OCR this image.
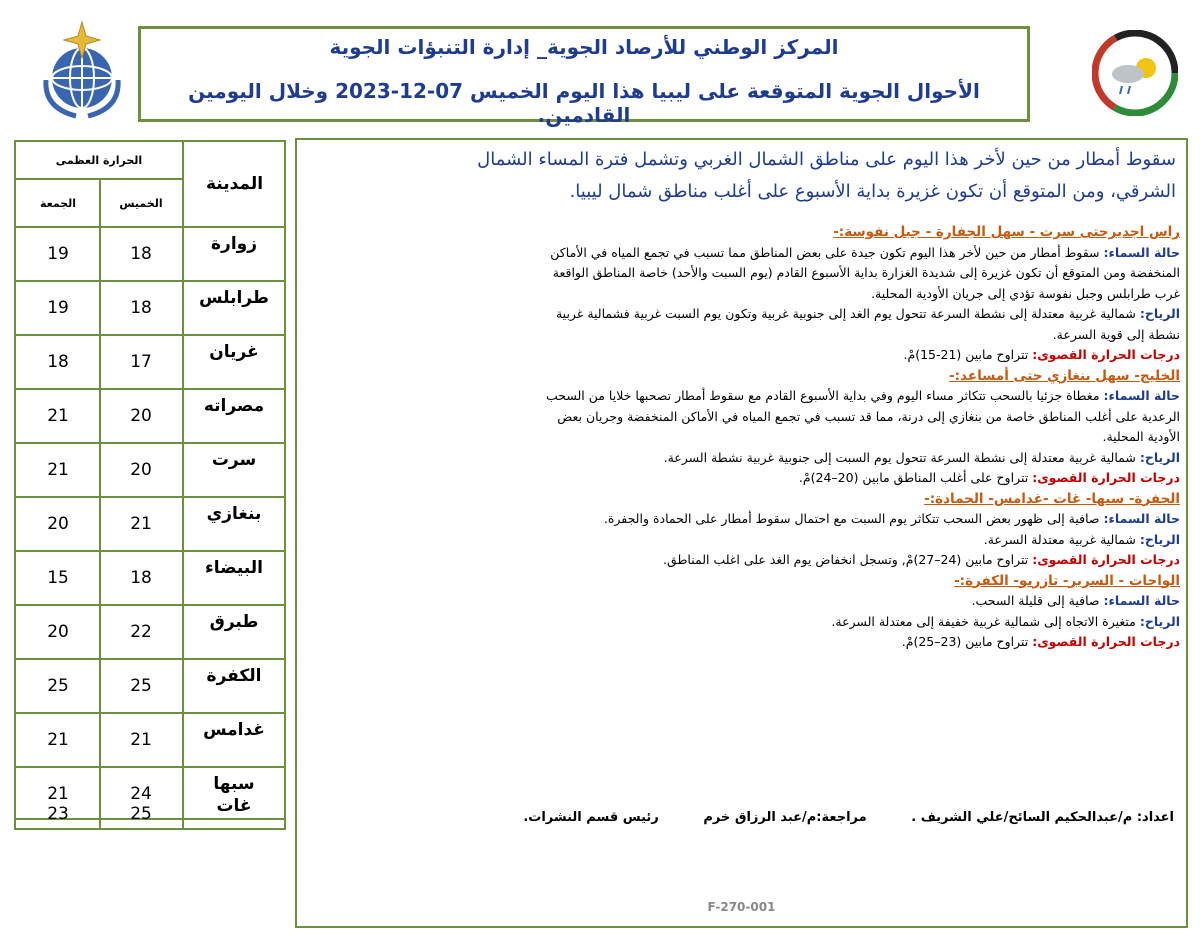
المركز الوطني للأرصاد الجوية_ إدارة التنبؤات الجوية
الأحوال الجوية المتوقعة على ليبيا هذا اليوم الخميس 07-12-2023 وخلال اليومين القادمين.
المدينة
الحرارة العظمى
الخميس
الجمعة
زوارة
18
19
طرابلس
18
19
غريان
17
18
مصراته
20
21
سرت
20
21
بنغازي
21
20
البيضاء
18
15
طبرق
22
20
الكفرة
25
25
غدامس
21
21
سبها
24
21
غات
25
23
سقوط أمطار من حين لأخر هذا اليوم على مناطق الشمال الغربي وتشمل فترة المساء الشمال
الشرقي، ومن المتوقع أن تكون غزيرة بداية الأسبوع على أغلب مناطق شمال ليبيا.
راس اجديرحتى سرت - سهل الجفارة - جبل نفوسة:-
حالة السماء: سقوط أمطار من حين لأخر هذا اليوم تكون جيدة على بعض المناطق مما تسبب في تجمع المياه في الأماكن
المنخفضة ومن المتوقع أن تكون غزيرة إلى شديدة الغزارة بداية الأسبوع القادم (يوم السبت والأحد) خاصة المناطق الواقعة
غرب طرابلس وجبل نفوسة تؤدي إلى جريان الأودية المحلية.
الرياح: شمالية غربية معتدلة إلى نشطة السرعة تتحول يوم الغد إلى جنوبية غربية وتكون يوم السبت غربية فشمالية غربية
نشطة إلى قوية السرعة.
درجات الحرارة القصوى: تتراوح مابين (21-15)مْ.
الخليج- سهل بنغازي حتى أمساعد:-
حالة السماء: مغطاة جزئيا بالسحب تتكاثر مساء اليوم وفي بداية الأسبوع القادم مع سقوط أمطار تصحبها خلايا من السحب
الرعدية على أغلب المناطق خاصة من بنغازي إلى درنة، مما قد تسبب في تجمع المياه في الأماكن المنخفضة وجريان بعض
الأودية المحلية.
الرياح: شمالية غربية معتدلة إلى نشطة السرعة تتحول يوم السبت إلى جنوبية غربية نشطة السرعة.
درجات الحرارة القصوى: تتراوح على أغلب المناطق مابين (20–24)مْ.
الجفرة- سبها- غات -غدامس- الحمادة:-
حالة السماء: صافية إلى ظهور بعض السحب تتكاثر يوم السبت مع احتمال سقوط أمطار على الحمادة والجفرة.
الرياح: شمالية غربية معتدلة السرعة.
درجات الحرارة القصوى: تتراوح مابين (24–27)مْ, وتسجل انخفاض يوم الغد على اغلب المناطق.
الواحات - السرير- تازربو- الكفرة:-
حالة السماء: صافية إلى قليلة السحب.
الرياح: متغيرة الاتجاه إلى شمالية غربية خفيفة إلى معتدلة السرعة.
درجات الحرارة القصوى: تتراوح مابين (23–25)مْ.
اعداد: م/عبدالحكيم السائح/علي الشريف . مراجعة:م/عبد الرزاق خرم رئيس قسم النشرات.
F-270-001
